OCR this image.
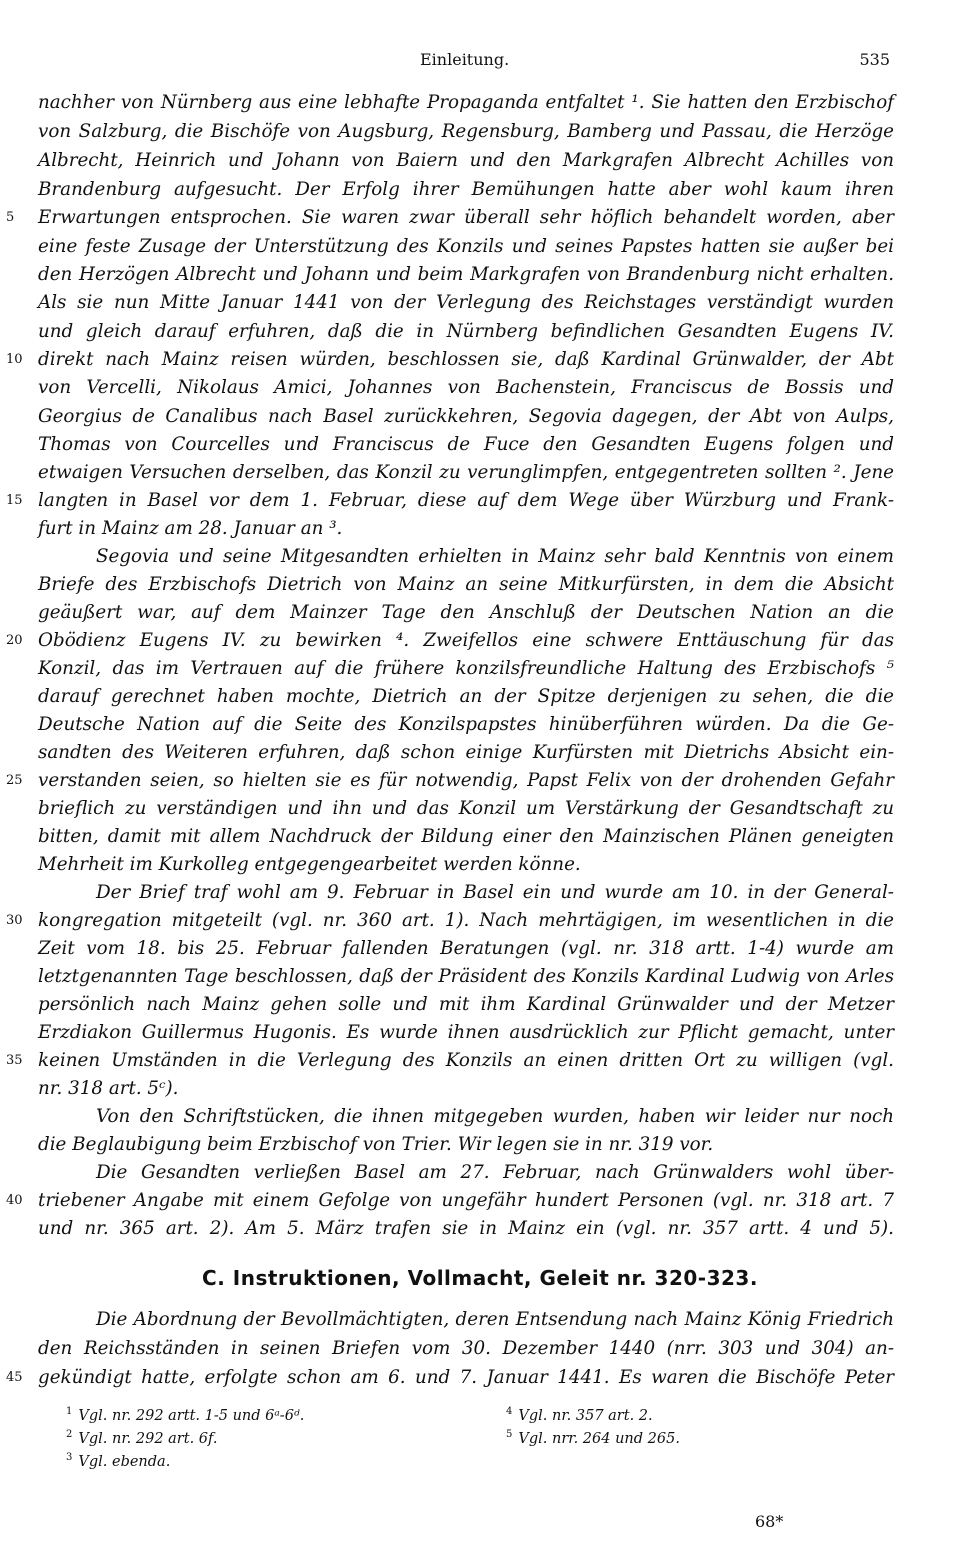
Einleitung.	535
nachher von Nürnberg aus eine lebhafte Propaganda entfaltet ¹. Sie hatten den Erzbischof
von Salzburg, die Bischöfe von Augsburg, Regensburg, Bamberg und Passau, die Herzöge
Albrecht, Heinrich und Johann von Baiern und den Markgrafen Albrecht Achilles von
Brandenburg aufgesucht. Der Erfolg ihrer Bemühungen hatte aber wohl kaum ihren
Erwartungen entsprochen. Sie waren zwar überall sehr höflich behandelt worden, aber
eine feste Zusage der Unterstützung des Konzils und seines Papstes hatten sie außer bei
den Herzögen Albrecht und Johann und beim Markgrafen von Brandenburg nicht erhalten.
Als sie nun Mitte Januar 1441 von der Verlegung des Reichstages verständigt wurden
und gleich darauf erfuhren, daß die in Nürnberg befindlichen Gesandten Eugens IV.
direkt nach Mainz reisen würden, beschlossen sie, daß Kardinal Grünwalder, der Abt
von Vercelli, Nikolaus Amici, Johannes von Bachenstein, Franciscus de Bossis und
Georgius de Canalibus nach Basel zurückkehren, Segovia dagegen, der Abt von Aulps,
Thomas von Courcelles und Franciscus de Fuce den Gesandten Eugens folgen und
etwaigen Versuchen derselben, das Konzil zu verunglimpfen, entgegentreten sollten ². Jene
langten in Basel vor dem 1. Februar, diese auf dem Wege über Würzburg und Frank-
furt in Mainz am 28. Januar an ³.
Segovia und seine Mitgesandten erhielten in Mainz sehr bald Kenntnis von einem
Briefe des Erzbischofs Dietrich von Mainz an seine Mitkurfürsten, in dem die Absicht
geäußert war, auf dem Mainzer Tage den Anschluß der Deutschen Nation an die
Obödienz Eugens IV. zu bewirken ⁴. Zweifellos eine schwere Enttäuschung für das
Konzil, das im Vertrauen auf die frühere konzilsfreundliche Haltung des Erzbischofs ⁵
darauf gerechnet haben mochte, Dietrich an der Spitze derjenigen zu sehen, die die
Deutsche Nation auf die Seite des Konzilspapstes hinüberführen würden. Da die Ge-
sandten des Weiteren erfuhren, daß schon einige Kurfürsten mit Dietrichs Absicht ein-
verstanden seien, so hielten sie es für notwendig, Papst Felix von der drohenden Gefahr
brieflich zu verständigen und ihn und das Konzil um Verstärkung der Gesandtschaft zu
bitten, damit mit allem Nachdruck der Bildung einer den Mainzischen Plänen geneigten
Mehrheit im Kurkolleg entgegengearbeitet werden könne.
Der Brief traf wohl am 9. Februar in Basel ein und wurde am 10. in der General-
kongregation mitgeteilt (vgl. nr. 360 art. 1). Nach mehrtägigen, im wesentlichen in die
Zeit vom 18. bis 25. Februar fallenden Beratungen (vgl. nr. 318 artt. 1-4) wurde am
letztgenannten Tage beschlossen, daß der Präsident des Konzils Kardinal Ludwig von Arles
persönlich nach Mainz gehen solle und mit ihm Kardinal Grünwalder und der Metzer
Erzdiakon Guillermus Hugonis. Es wurde ihnen ausdrücklich zur Pflicht gemacht, unter
keinen Umständen in die Verlegung des Konzils an einen dritten Ort zu willigen (vgl.
nr. 318 art. 5ᶜ).
Von den Schriftstücken, die ihnen mitgegeben wurden, haben wir leider nur noch
die Beglaubigung beim Erzbischof von Trier. Wir legen sie in nr. 319 vor.
Die Gesandten verließen Basel am 27. Februar, nach Grünwalders wohl über-
triebener Angabe mit einem Gefolge von ungefähr hundert Personen (vgl. nr. 318 art. 7
und nr. 365 art. 2). Am 5. März trafen sie in Mainz ein (vgl. nr. 357 artt. 4 und 5).
C. Instruktionen, Vollmacht, Geleit nr. 320-323.
Die Abordnung der Bevollmächtigten, deren Entsendung nach Mainz König Friedrich
den Reichsständen in seinen Briefen vom 30. Dezember 1440 (nrr. 303 und 304) an-
gekündigt hatte, erfolgte schon am 6. und 7. Januar 1441. Es waren die Bischöfe Peter
5
10
15
20
25
30
35
40
45
$^1$ Vgl. nr. 292 artt. 1-5 und 6ᵃ-6ᵈ.
$^2$ Vgl. nr. 292 art. 6f.
$^3$ Vgl. ebenda.
$^4$ Vgl. nr. 357 art. 2.
$^5$ Vgl. nrr. 264 und 265.
68*
